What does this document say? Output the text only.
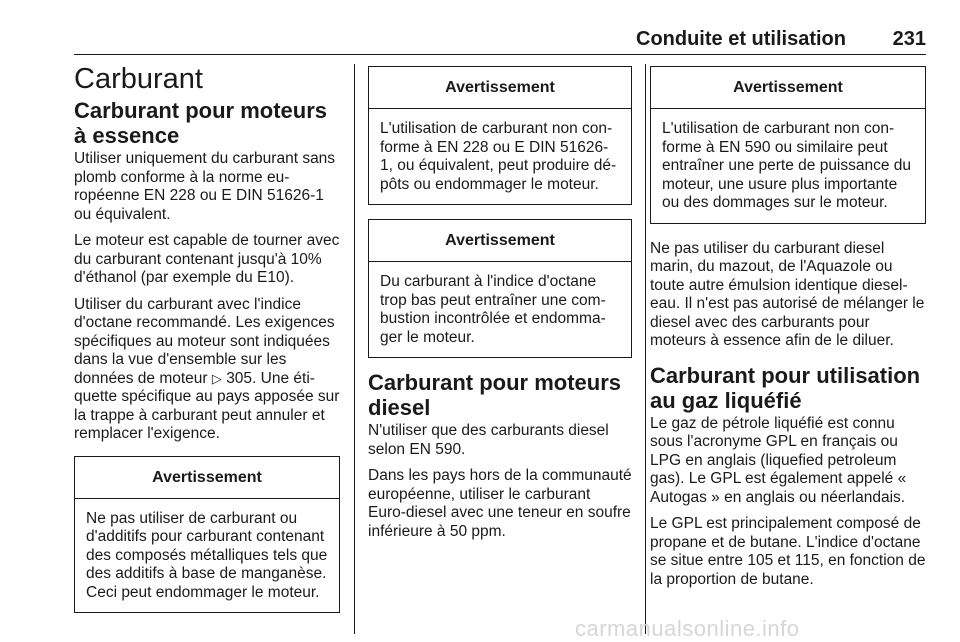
Conduite et utilisation 231
Carburant
Carburant pour moteurs à essence

Utiliser uniquement du carburant sans plomb conforme à la norme européenne EN 228 ou E DIN 51626-1 ou équivalent.

Le moteur est capable de tourner avec du carburant contenant jusqu'à 10% d'éthanol (par exemple du E10).

Utiliser du carburant avec l'indice d'octane recommandé. Les exigences spécifiques au moteur sont indiquées dans la vue d'ensemble sur les données de moteur ▷ 305. Une étiquette spécifique au pays apposée sur la trappe à carburant peut annuler et remplacer l'exigence.

Avertissement
Ne pas utiliser de carburant ou d'additifs pour carburant contenant des composés métalliques tels que des additifs à base de manganèse. Ceci peut endommager le moteur.
Avertissement
L'utilisation de carburant non conforme à EN 228 ou E DIN 51626-1, ou équivalent, peut produire dépôts ou endommager le moteur.
Avertissement
Du carburant à l'indice d'octane trop bas peut entraîner une combustion incontrôlée et endommager le moteur.
Carburant pour moteurs diesel

N'utiliser que des carburants diesel selon EN 590.

Dans les pays hors de la communauté européenne, utiliser le carburant Euro-diesel avec une teneur en soufre inférieure à 50 ppm.

Avertissement
L'utilisation de carburant non conforme à EN 590 ou similaire peut entraîner une perte de puissance du moteur, une usure plus importante ou des dommages sur le moteur.

Ne pas utiliser du carburant diesel marin, du mazout, de l'Aquazole ou toute autre émulsion identique diesel-eau. Il n'est pas autorisé de mélanger le diesel avec des carburants pour moteurs à essence afin de le diluer.

Carburant pour utilisation au gaz liquéfié

Le gaz de pétrole liquéfié est connu sous l'acronyme GPL en français ou LPG en anglais (liquefied petroleum gas). Le GPL est également appelé « Autogas » en anglais ou néerlandais.

Le GPL est principalement composé de propane et de butane. L'indice d'octane se situe entre 105 et 115, en fonction de la proportion de butane.

carmanualsonline.info
